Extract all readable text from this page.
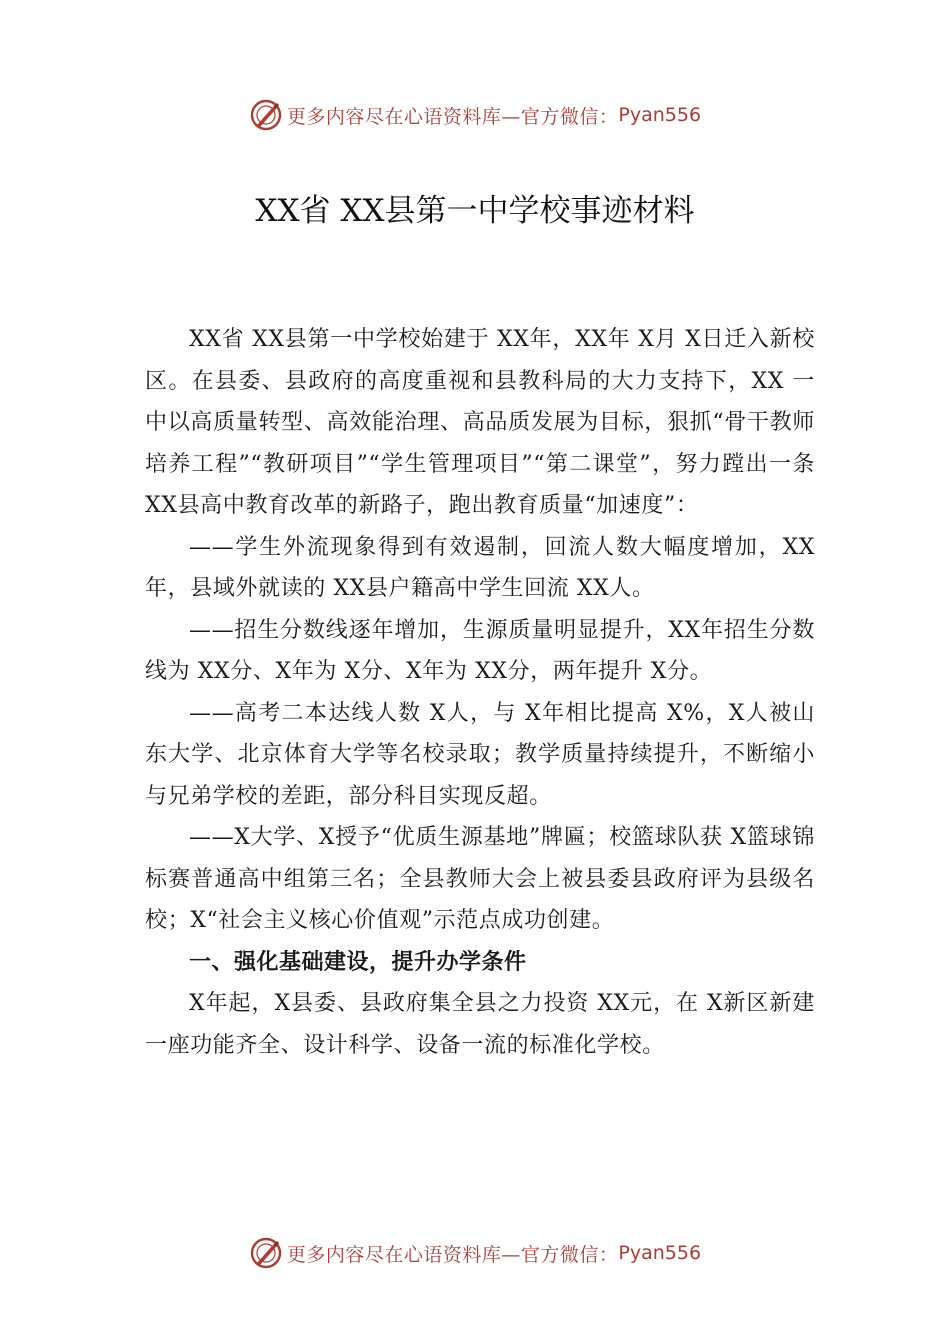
更多内容尽在心语资料库—官方微信： Pyan556
XX省 XX县第一中学校事迹材料

XX省 XX县第一中学校始建于 XX年，XX年 X月 X日迁入新校区。在县委、县政府的高度重视和县教科局的大力支持下，XX 一中以高质量转型、高效能治理、高品质发展为目标，狠抓“骨干教师培养工程”“教研项目”“学生管理项目”“第二课堂”，努力蹚出一条 XX县高中教育改革的新路子，跑出教育质量“加速度”：

——学生外流现象得到有效遏制，回流人数大幅度增加，XX年，县域外就读的 XX县户籍高中学生回流 XX人。

——招生分数线逐年增加，生源质量明显提升，XX年招生分数线为 XX分、X年为 X分、X年为 XX分，两年提升 X分。

——高考二本达线人数 X人，与 X年相比提高 X%，X人被山东大学、北京体育大学等名校录取；教学质量持续提升，不断缩小与兄弟学校的差距，部分科目实现反超。

——X大学、X授予“优质生源基地”牌匾；校篮球队获 X篮球锦标赛普通高中组第三名；全县教师大会上被县委县政府评为县级名校；X“社会主义核心价值观”示范点成功创建。

一、强化基础建设，提升办学条件

X年起，X县委、县政府集全县之力投资 XX元，在 X新区新建一座功能齐全、设计科学、设备一流的标准化学校。

更多内容尽在心语资料库—官方微信： Pyan556
